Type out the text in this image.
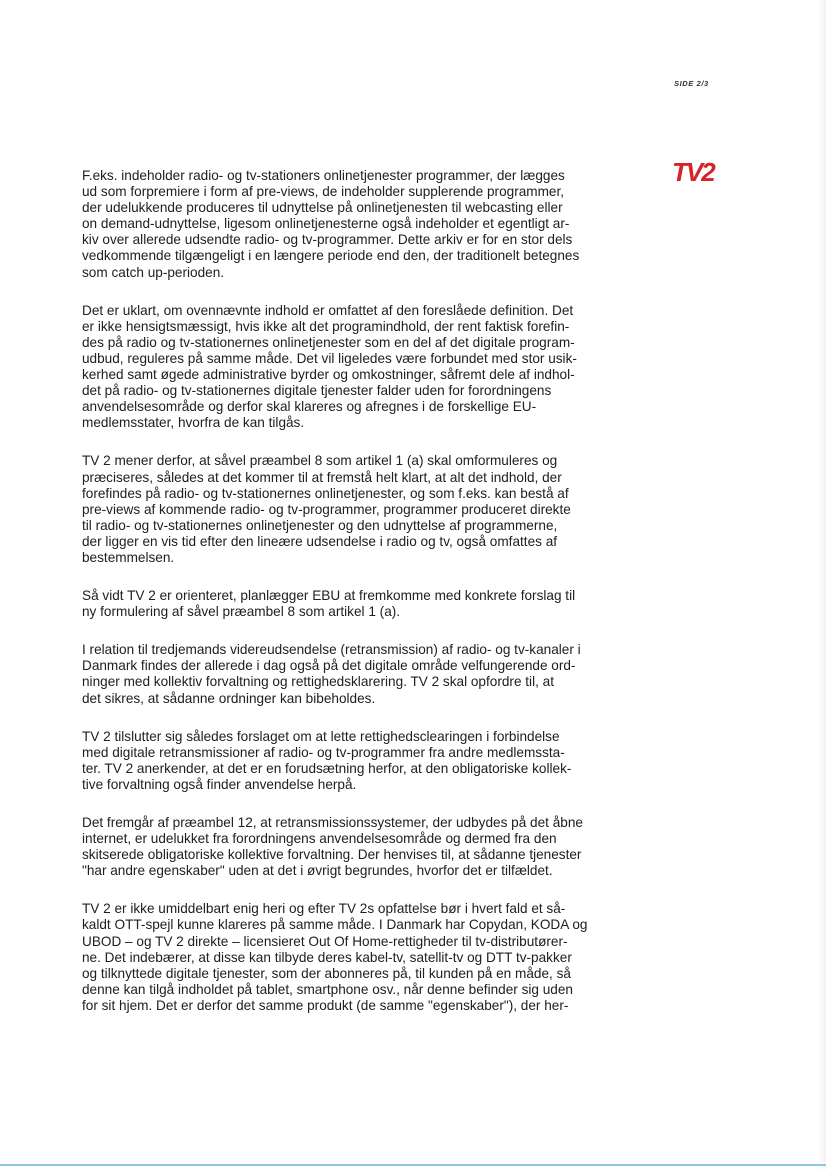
SIDE 2/3
TV2

F.eks. indeholder radio- og tv-stationers onlinetjenester programmer, der lægges
ud som forpremiere i form af pre-views, de indeholder supplerende programmer,
der udelukkende produceres til udnyttelse på onlinetjenesten til webcasting eller
on demand-udnyttelse, ligesom onlinetjenesterne også indeholder et egentligt ar-
kiv over allerede udsendte radio- og tv-programmer. Dette arkiv er for en stor dels
vedkommende tilgængeligt i en længere periode end den, der traditionelt betegnes
som catch up-perioden.

Det er uklart, om ovennævnte indhold er omfattet af den foreslåede definition. Det
er ikke hensigtsmæssigt, hvis ikke alt det programindhold, der rent faktisk forefin-
des på radio og tv-stationernes onlinetjenester som en del af det digitale program-
udbud, reguleres på samme måde. Det vil ligeledes være forbundet med stor usik-
kerhed samt øgede administrative byrder og omkostninger, såfremt dele af indhol-
det på radio- og tv-stationernes digitale tjenester falder uden for forordningens
anvendelsesområde og derfor skal klareres og afregnes i de forskellige EU-
medlemsstater, hvorfra de kan tilgås.

TV 2 mener derfor, at såvel præambel 8 som artikel 1 (a) skal omformuleres og
præciseres, således at det kommer til at fremstå helt klart, at alt det indhold, der
forefindes på radio- og tv-stationernes onlinetjenester, og som f.eks. kan bestå af
pre-views af kommende radio- og tv-programmer, programmer produceret direkte
til radio- og tv-stationernes onlinetjenester og den udnyttelse af programmerne,
der ligger en vis tid efter den lineære udsendelse i radio og tv, også omfattes af
bestemmelsen.

Så vidt TV 2 er orienteret, planlægger EBU at fremkomme med konkrete forslag til
ny formulering af såvel præambel 8 som artikel 1 (a).

I relation til tredjemands videreudsendelse (retransmission) af radio- og tv-kanaler i
Danmark findes der allerede i dag også på det digitale område velfungerende ord-
ninger med kollektiv forvaltning og rettighedsklarering. TV 2 skal opfordre til, at
det sikres, at sådanne ordninger kan bibeholdes.

TV 2 tilslutter sig således forslaget om at lette rettighedsclearingen i forbindelse
med digitale retransmissioner af radio- og tv-programmer fra andre medlemssta-
ter. TV 2 anerkender, at det er en forudsætning herfor, at den obligatoriske kollek-
tive forvaltning også finder anvendelse herpå.

Det fremgår af præambel 12, at retransmissionssystemer, der udbydes på det åbne
internet, er udelukket fra forordningens anvendelsesområde og dermed fra den
skitserede obligatoriske kollektive forvaltning. Der henvises til, at sådanne tjenester
"har andre egenskaber" uden at det i øvrigt begrundes, hvorfor det er tilfældet.

TV 2 er ikke umiddelbart enig heri og efter TV 2s opfattelse bør i hvert fald et så-
kaldt OTT-spejl kunne klareres på samme måde. I Danmark har Copydan, KODA og
UBOD – og TV 2 direkte – licensieret Out Of Home-rettigheder til tv-distributører-
ne. Det indebærer, at disse kan tilbyde deres kabel-tv, satellit-tv og DTT tv-pakker
og tilknyttede digitale tjenester, som der abonneres på, til kunden på en måde, så
denne kan tilgå indholdet på tablet, smartphone osv., når denne befinder sig uden
for sit hjem. Det er derfor det samme produkt (de samme "egenskaber"), der her-
